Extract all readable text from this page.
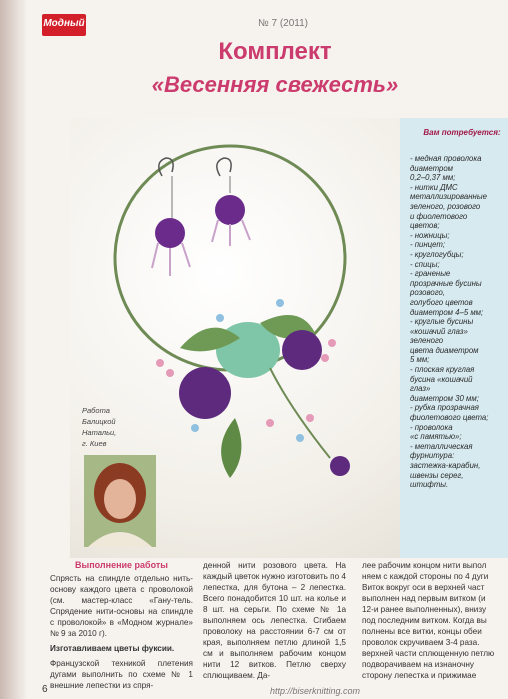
Модный	№ 7 (2011)
Комплект
«Весенняя свежесть»
Работа
Балицкой
Натальи,
г. Киев
Вам потребуется:
- медная проволока
диаметром
0,2–0,37 мм;
- нитки ДМС
металлизированные
зеленого, розового
и фиолетового
цветов;
- ножницы;
- пинцет;
- круглогубцы;
- спицы;
- граненые
прозрачные бусины
розового,
голубого цветов
диаметром 4–5 мм;
- круглые бусины
«кошачий глаз»
зеленого
цвета диаметром
5 мм;
- плоская круглая
бусина «кошачий
глаз»
диаметром 30 мм;
- рубка прозрачная
фиолетового цвета;
- проволока
«с памятью»;
- металлическая
фурнитура:
застежка-карабин,
швензы серег,
штифты.
Выполнение работы

Спрясть на спиндле отдельно нить-основу каждого цвета с проволокой (см. мастер-класс «Гану-тель. Спрядение нити-основы на спиндле с проволокой» в «Модном журнале» № 9 за 2010 г).

Изготавливаем цветы фуксии.

Французской техникой плетения дугами выполнить по схеме № 1 внешние лепестки из спря-

денной нити розового цвета. На каждый цветок нужно изготовить по 4 лепестка, для бутона – 2 лепестка. Всего понадобится 10 шт. на колье и 8 шт. на серьги. По схеме № 1а выполняем ось лепестка. Сгибаем проволоку на расстоянии 6-7 см от края, выполняем петлю длиной 1,5 см и выполняем рабочим концом нити 12 витков. Петлю сверху сплющиваем. Да-

лее рабочим концом нити выпол
няем с каждой стороны по 4 дуги
Виток вокруг оси в верхней част
выполнен над первым витком (и
12-и ранее выполненных), внизу
под последним витком. Когда вы
полнены все витки, концы обеи
проволок скручиваем 3-4 раза.
верхней части сплющенную петлю
подворачиваем на изнаночну
сторону лепестка и прижимае
6	http://biserknitting.com
